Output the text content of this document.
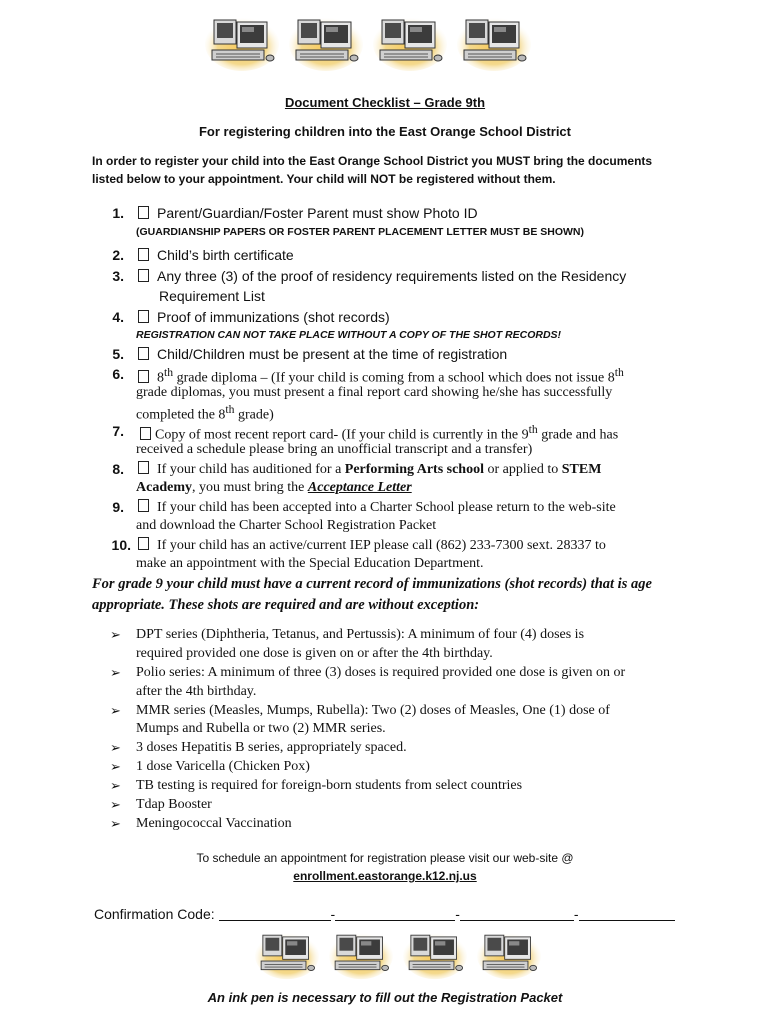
Document Checklist – Grade 9th
For registering children into the East Orange School District
In order to register your child into the East Orange School District you MUST bring the documents
listed below to your appointment. Your child will NOT be registered without them.
1.	Parent/Guardian/Foster Parent must show Photo ID
(GUARDIANSHIP PAPERS OR FOSTER PARENT PLACEMENT LETTER MUST BE SHOWN)
2.	Child’s birth certificate
3.	Any three (3) of the proof of residency requirements listed on the Residency
Requirement List
4.	Proof of immunizations (shot records)
REGISTRATION CAN NOT TAKE PLACE WITHOUT A COPY OF THE SHOT RECORDS!
5.	Child/Children must be present at the time of registration
6.	8th grade diploma – (If your child is coming from a school which does not issue 8th
grade diplomas, you must present a final report card showing he/she has successfully
completed the 8th grade)
7.	Copy of most recent report card- (If your child is currently in the 9th grade and has
received a schedule please bring an unofficial transcript and a transfer)
8.	If your child has auditioned for a Performing Arts school or applied to STEM
Academy, you must bring the Acceptance Letter
9.	If your child has been accepted into a Charter School please return to the web-site
and download the Charter School Registration Packet
10.	If your child has an active/current IEP please call (862) 233-7300 sext. 28337 to
make an appointment with the Special Education Department.
For grade 9 your child must have a current record of immunizations (shot records) that is age
appropriate. These shots are required and are without exception:
➢ DPT series (Diphtheria, Tetanus, and Pertussis): A minimum of four (4) doses is
required provided one dose is given on or after the 4th birthday.
➢ Polio series: A minimum of three (3) doses is required provided one dose is given on or
after the 4th birthday.
➢ MMR series (Measles, Mumps, Rubella): Two (2) doses of Measles, One (1) dose of
Mumps and Rubella or two (2) MMR series.
➢ 3 doses Hepatitis B series, appropriately spaced.
➢ 1 dose Varicella (Chicken Pox)
➢ TB testing is required for foreign-born students from select countries
➢ Tdap Booster
➢ Meningococcal Vaccination
To schedule an appointment for registration please visit our web-site @
enrollment.eastorange.k12.nj.us
Confirmation Code:	-	-	-
An ink pen is necessary to fill out the Registration Packet
